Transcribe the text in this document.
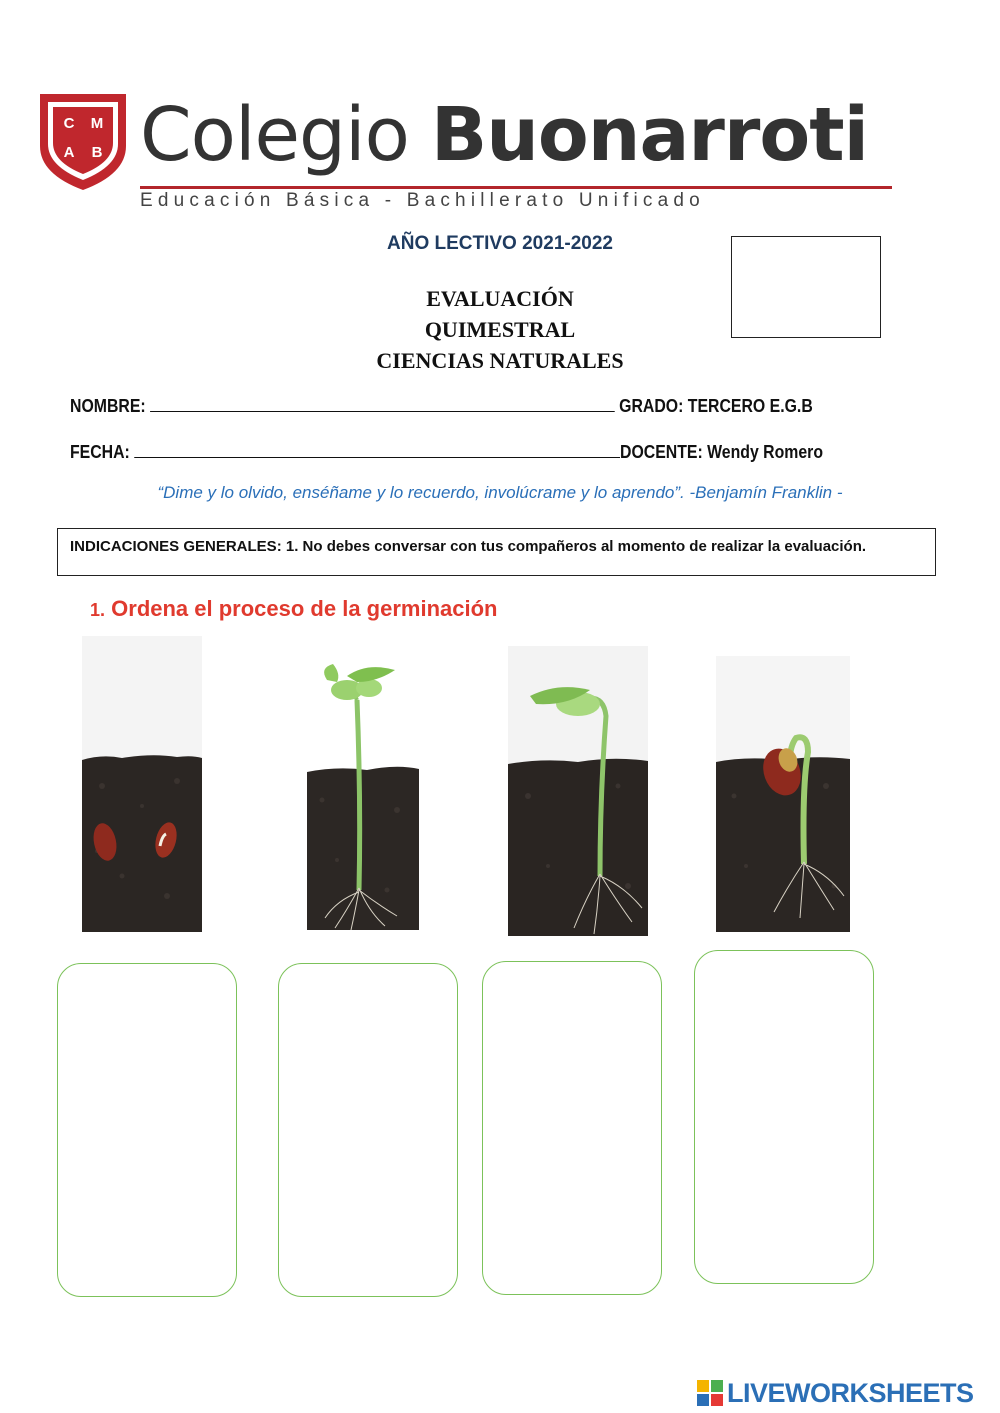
C M
A B Colegio Buonarroti
Educación Básica - Bachillerato Unificado
AÑO LECTIVO 2021-2022
EVALUACIÓN
QUIMESTRAL
CIENCIAS NATURALES
NOMBRE:	GRADO: TERCERO E.G.B
FECHA:	DOCENTE: Wendy Romero
“Dime y lo olvido, enséñame y lo recuerdo, involúcrame y lo aprendo”. -Benjamín Franklin -
INDICACIONES GENERALES: 1. No debes conversar con tus compañeros al momento de realizar la evaluación.
1. Ordena el proceso de la germinación
LIVEWORKSHEETS
